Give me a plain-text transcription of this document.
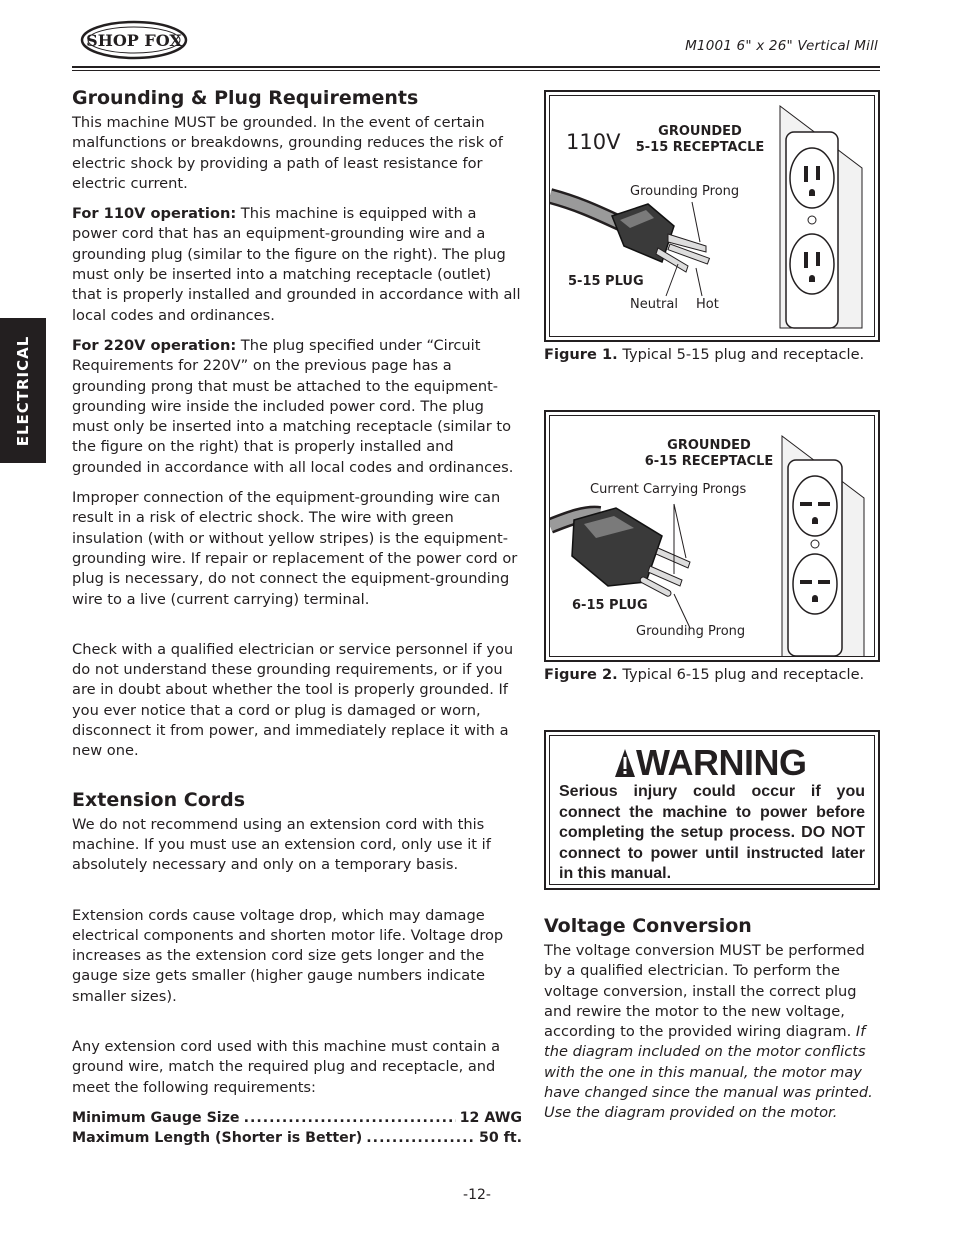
SHOP FOX	M1001 6" x 26" Vertical Mill
ELECTRICAL
Grounding & Plug Requirements

This machine MUST be grounded. In the event of certain malfunctions or breakdowns, grounding reduces the risk of electric shock by providing a path of least resistance for electric current.

For 110V operation: This machine is equipped with a power cord that has an equipment-grounding wire and a grounding plug (similar to the figure on the right). The plug must only be inserted into a matching receptacle (outlet) that is properly installed and grounded in accordance with all local codes and ordinances.

For 220V operation: The plug specified under “Circuit Requirements for 220V” on the previous page has a grounding prong that must be attached to the equipment-grounding wire inside the included power cord. The plug must only be inserted into a matching receptacle (similar to the figure on the right) that is properly installed and grounded in accordance with all local codes and ordinances.

Improper connection of the equipment-grounding wire can result in a risk of electric shock. The wire with green insulation (with or without yellow stripes) is the equipment-grounding wire. If repair or replacement of the power cord or plug is necessary, do not connect the equipment-grounding wire to a live (current carrying) terminal.

Check with a qualified electrician or service personnel if you do not understand these grounding requirements, or if you are in doubt about whether the tool is properly grounded. If you ever notice that a cord or plug is damaged or worn, disconnect it from power, and immediately replace it with a new one.

Extension Cords

We do not recommend using an extension cord with this machine. If you must use an extension cord, only use it if absolutely necessary and only on a temporary basis.

Extension cords cause voltage drop, which may damage electrical components and shorten motor life. Voltage drop increases as the extension cord size gets longer and the gauge size gets smaller (higher gauge numbers indicate smaller sizes).

Any extension cord used with this machine must contain a ground wire, match the required plug and receptacle, and meet the following requirements:

Minimum Gauge Size .....	12 AWG
Maximum Length (Shorter is Better) .....	50 ft.
110V	GROUNDED
5-15 RECEPTACLE
Grounding Prong
5-15 PLUG
Neutral Hot
Figure 1. Typical 5-15 plug and receptacle.
GROUNDED
6-15 RECEPTACLE
Current Carrying Prongs
6-15 PLUG
Grounding Prong
Figure 2. Typical 6-15 plug and receptacle.
WARNING
Serious injury could occur if you connect the machine to power before completing the setup process. DO NOT connect to power until instructed later in this manual.
Voltage Conversion

The voltage conversion MUST be performed by a qualified electrician. To perform the voltage conversion, install the correct plug and rewire the motor to the new voltage, according to the provided wiring diagram. If the diagram included on the motor conflicts with the one in this manual, the motor may have changed since the manual was printed. Use the diagram provided on the motor.

-12-
